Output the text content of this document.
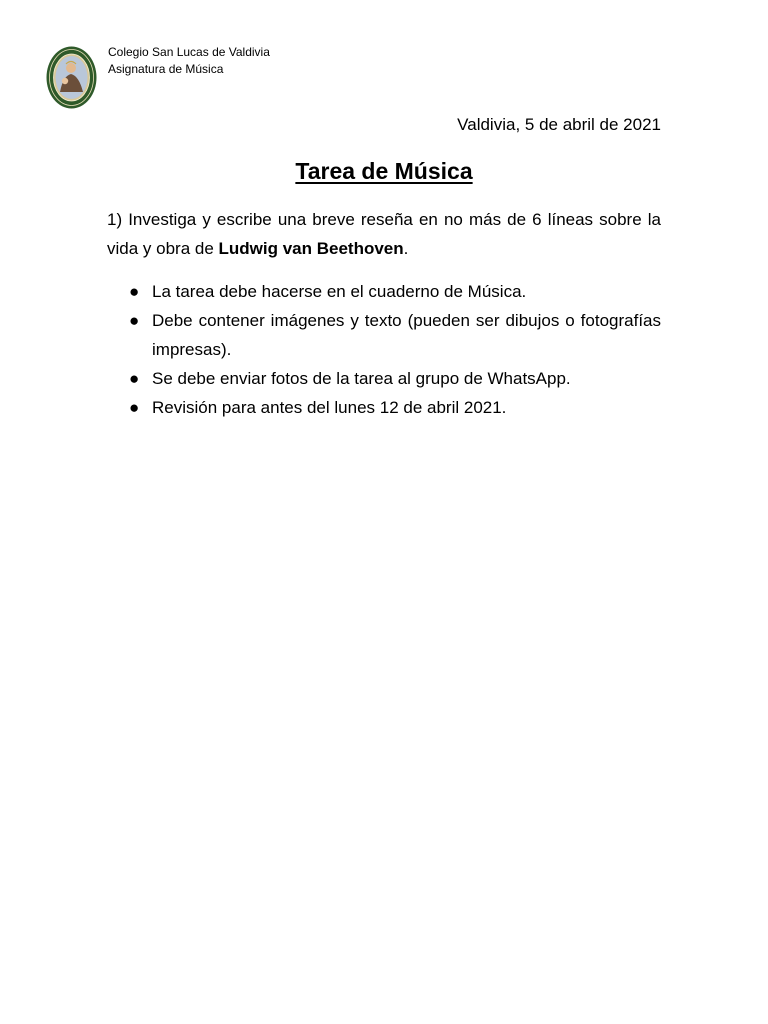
Colegio San Lucas de Valdivia
Asignatura de Música
Valdivia, 5 de abril de 2021
Tarea de Música
1) Investiga y escribe una breve reseña en no más de 6 líneas sobre la vida y obra de Ludwig van Beethoven.
● La tarea debe hacerse en el cuaderno de Música.
● Debe contener imágenes y texto (pueden ser dibujos o fotografías impresas).
● Se debe enviar fotos de la tarea al grupo de WhatsApp.
● Revisión para antes del lunes 12 de abril 2021.
